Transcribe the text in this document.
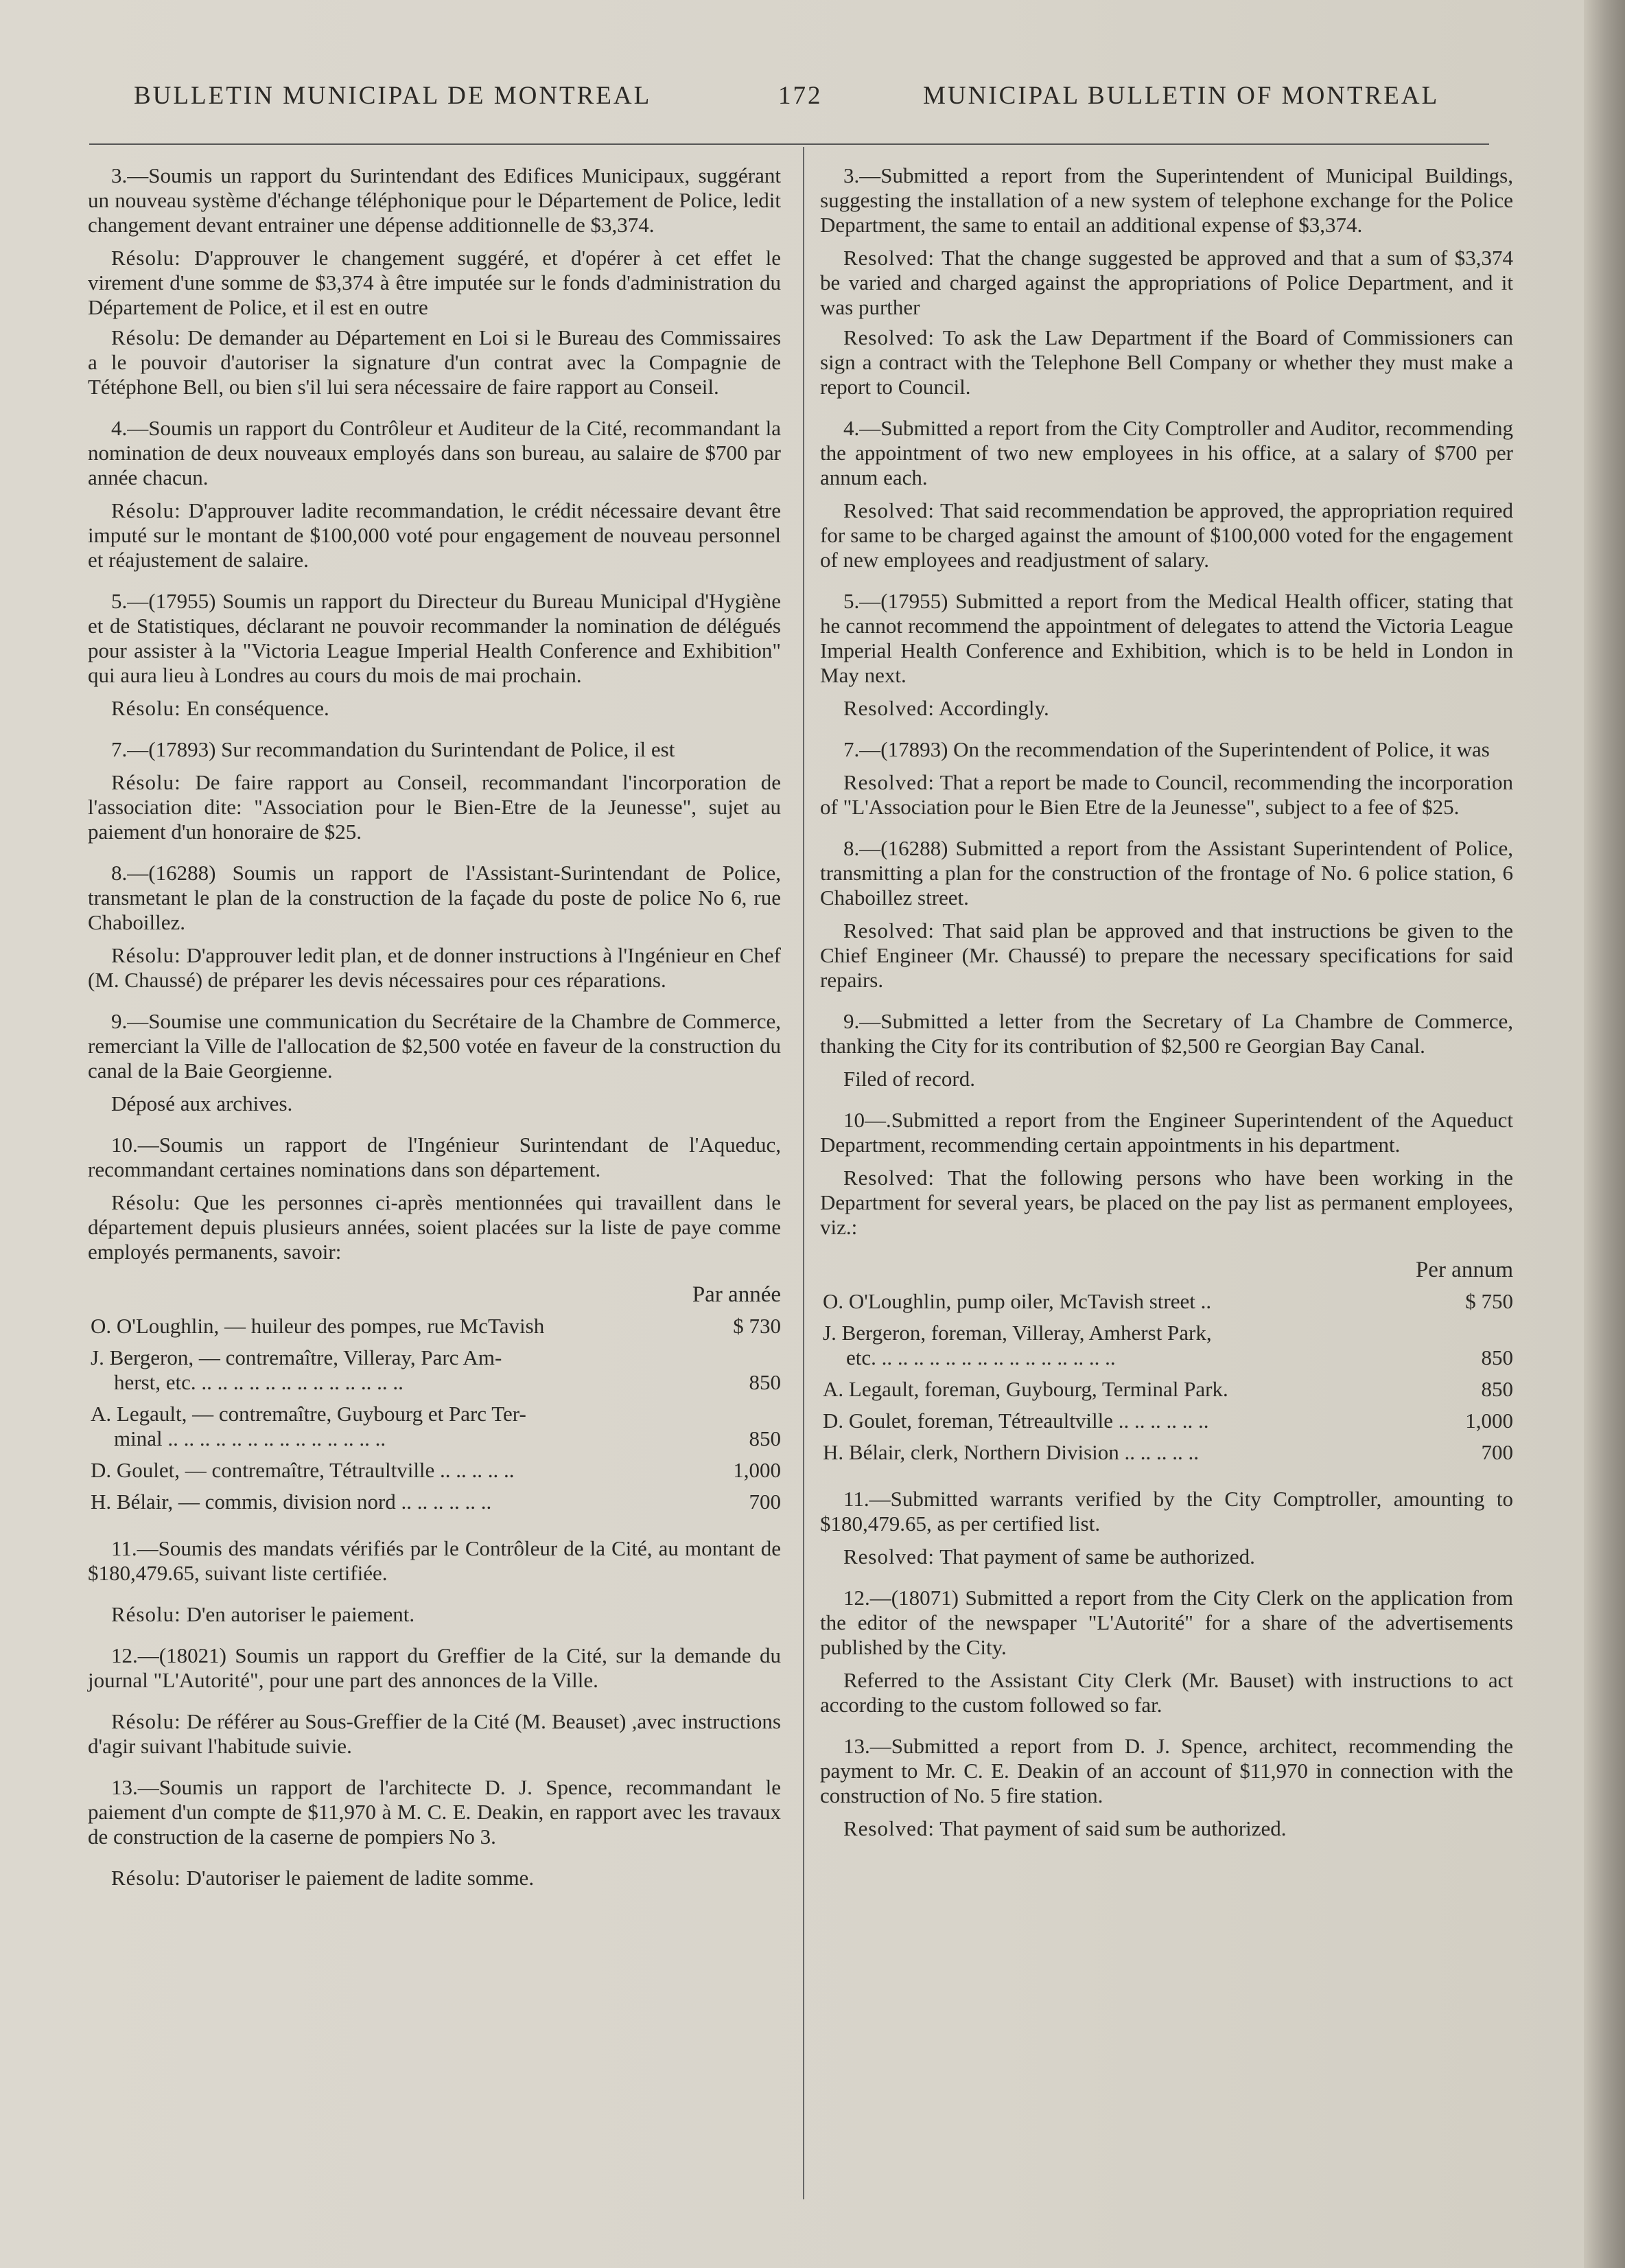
BULLETIN MUNICIPAL DE MONTREAL	172	MUNICIPAL BULLETIN OF MONTREAL

3.—Soumis un rapport du Surintendant des Edifices Municipaux, suggérant un nouveau système d'échange téléphonique pour le Département de Police, ledit changement devant entrainer une dépense additionnelle de $3,374.

Résolu: D'approuver le changement suggéré, et d'opérer à cet effet le virement d'une somme de $3,374 à être imputée sur le fonds d'administration du Département de Police, et il est en outre

Résolu: De demander au Département en Loi si le Bureau des Commissaires a le pouvoir d'autoriser la signature d'un contrat avec la Compagnie de Tétéphone Bell, ou bien s'il lui sera nécessaire de faire rapport au Conseil.

4.—Soumis un rapport du Contrôleur et Auditeur de la Cité, recommandant la nomination de deux nouveaux employés dans son bureau, au salaire de $700 par année chacun.

Résolu: D'approuver ladite recommandation, le crédit nécessaire devant être imputé sur le montant de $100,000 voté pour engagement de nouveau personnel et réajustement de salaire.

5.—(17955) Soumis un rapport du Directeur du Bureau Municipal d'Hygiène et de Statistiques, déclarant ne pouvoir recommander la nomination de délégués pour assister à la "Victoria League Imperial Health Conference and Exhibition" qui aura lieu à Londres au cours du mois de mai prochain.

Résolu: En conséquence.

7.—(17893) Sur recommandation du Surintendant de Police, il est

Résolu: De faire rapport au Conseil, recommandant l'incorporation de l'association dite: "Association pour le Bien-Etre de la Jeunesse", sujet au paiement d'un honoraire de $25.

8.—(16288) Soumis un rapport de l'Assistant-Surintendant de Police, transmetant le plan de la construction de la façade du poste de police No 6, rue Chaboillez.

Résolu: D'approuver ledit plan, et de donner instructions à l'Ingénieur en Chef (M. Chaussé) de préparer les devis nécessaires pour ces réparations.

9.—Soumise une communication du Secrétaire de la Chambre de Commerce, remerciant la Ville de l'allocation de $2,500 votée en faveur de la construction du canal de la Baie Georgienne.

Déposé aux archives.

10.—Soumis un rapport de l'Ingénieur Surintendant de l'Aqueduc, recommandant certaines nominations dans son département.

Résolu: Que les personnes ci-après mentionnées qui travaillent dans le département depuis plusieurs années, soient placées sur la liste de paye comme employés permanents, savoir:

Par année
O. O'Loughlin, — huileur des pompes, rue McTavish	$ 730
J. Bergeron, — contremaître, Villeray, Parc Am-
herst, etc. .. .. .. .. .. .. .. .. .. .. .. .. ..	850
A. Legault, — contremaître, Guybourg et Parc Ter-
minal .. .. .. .. .. .. .. .. .. .. .. .. .. ..	850
D. Goulet, — contremaître, Tétraultville .. .. .. .. ..	1,000
H. Bélair, — commis, division nord .. .. .. .. .. ..	700

11.—Soumis des mandats vérifiés par le Contrôleur de la Cité, au montant de $180,479.65, suivant liste certifiée.

Résolu: D'en autoriser le paiement.

12.—(18021) Soumis un rapport du Greffier de la Cité, sur la demande du journal "L'Autorité", pour une part des annonces de la Ville.

Résolu: De référer au Sous-Greffier de la Cité (M. Beauset) ,avec instructions d'agir suivant l'habitude suivie.

13.—Soumis un rapport de l'architecte D. J. Spence, recommandant le paiement d'un compte de $11,970 à M. C. E. Deakin, en rapport avec les travaux de construction de la caserne de pompiers No 3.

Résolu: D'autoriser le paiement de ladite somme.

3.—Submitted a report from the Superintendent of Municipal Buildings, suggesting the installation of a new system of telephone exchange for the Police Department, the same to entail an additional expense of $3,374.

Resolved: That the change suggested be approved and that a sum of $3,374 be varied and charged against the appropriations of Police Department, and it was purther

Resolved: To ask the Law Department if the Board of Commissioners can sign a contract with the Telephone Bell Company or whether they must make a report to Council.

4.—Submitted a report from the City Comptroller and Auditor, recommending the appointment of two new employees in his office, at a salary of $700 per annum each.

Resolved: That said recommendation be approved, the appropriation required for same to be charged against the amount of $100,000 voted for the engagement of new employees and readjustment of salary.

5.—(17955) Submitted a report from the Medical Health officer, stating that he cannot recommend the appointment of delegates to attend the Victoria League Imperial Health Conference and Exhibition, which is to be held in London in May next.

Resolved: Accordingly.

7.—(17893) On the recommendation of the Superintendent of Police, it was

Resolved: That a report be made to Council, recommending the incorporation of "L'Association pour le Bien Etre de la Jeunesse", subject to a fee of $25.

8.—(16288) Submitted a report from the Assistant Superintendent of Police, transmitting a plan for the construction of the frontage of No. 6 police station, 6 Chaboillez street.

Resolved: That said plan be approved and that instructions be given to the Chief Engineer (Mr. Chaussé) to prepare the necessary specifications for said repairs.

9.—Submitted a letter from the Secretary of La Chambre de Commerce, thanking the City for its contribution of $2,500 re Georgian Bay Canal.

Filed of record.

10—.Submitted a report from the Engineer Superintendent of the Aqueduct Department, recommending certain appointments in his department.

Resolved: That the following persons who have been working in the Department for several years, be placed on the pay list as permanent employees, viz.:

Per annum
O. O'Loughlin, pump oiler, McTavish street ..	$ 750
J. Bergeron, foreman, Villeray, Amherst Park,
etc. .. .. .. .. .. .. .. .. .. .. .. .. .. .. ..	850
A. Legault, foreman, Guybourg, Terminal Park.	850
D. Goulet, foreman, Tétreaultville .. .. .. .. .. ..	1,000
H. Bélair, clerk, Northern Division .. .. .. .. ..	700

11.—Submitted warrants verified by the City Comptroller, amounting to $180,479.65, as per certified list.

Resolved: That payment of same be authorized.

12.—(18071) Submitted a report from the City Clerk on the application from the editor of the newspaper "L'Autorité" for a share of the advertisements published by the City.

Referred to the Assistant City Clerk (Mr. Bauset) with instructions to act according to the custom followed so far.

13.—Submitted a report from D. J. Spence, architect, recommending the payment to Mr. C. E. Deakin of an account of $11,970 in connection with the construction of No. 5 fire station.

Resolved: That payment of said sum be authorized.
